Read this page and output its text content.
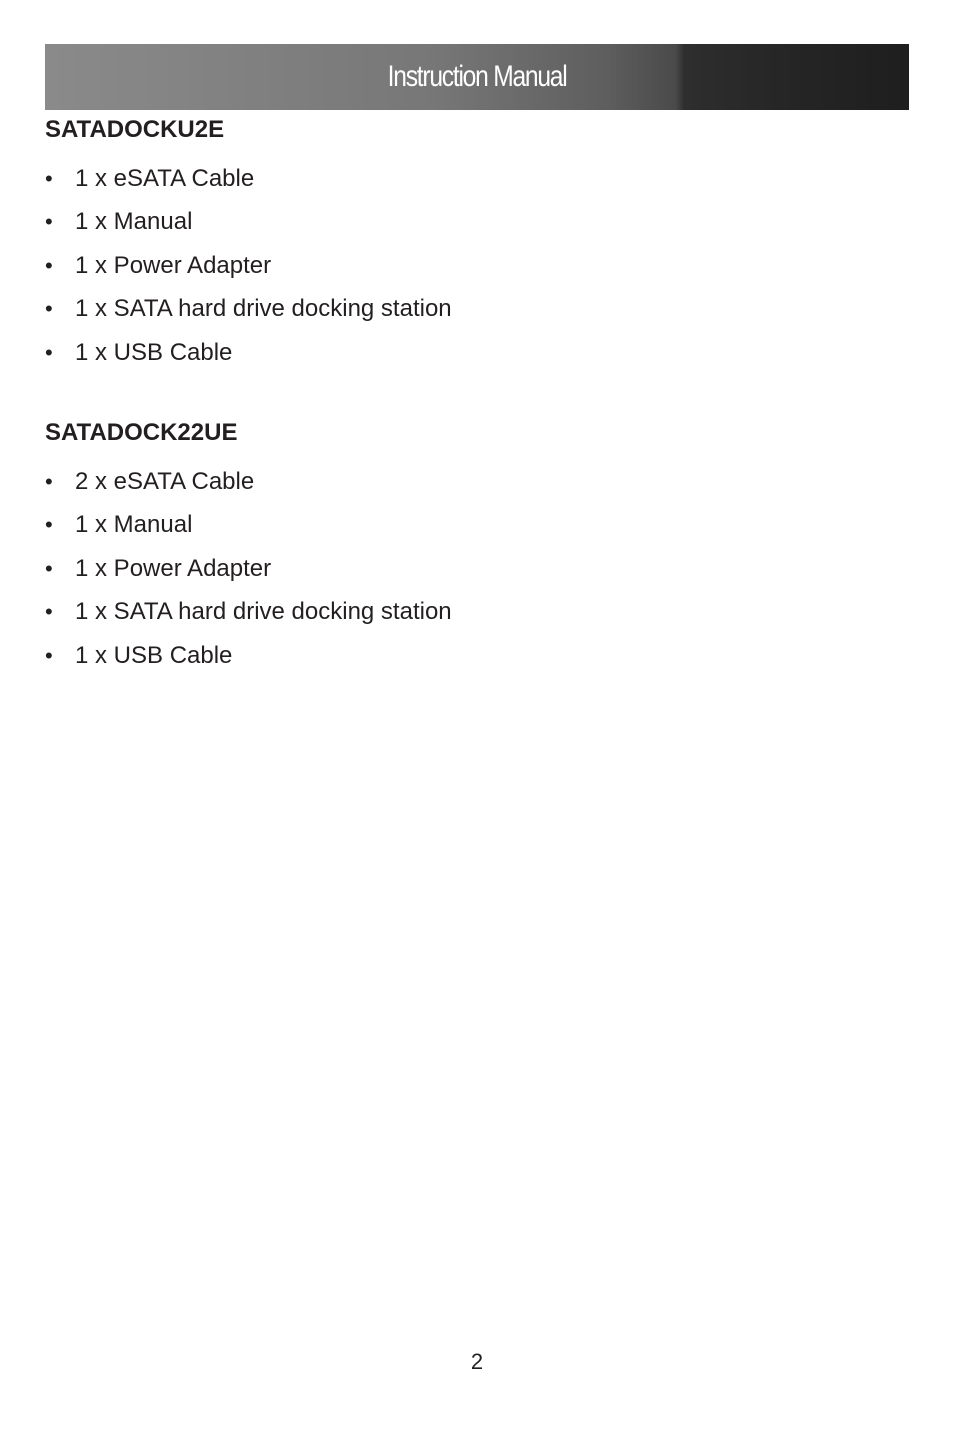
Instruction Manual
SATADOCKU2E
• 1 x eSATA Cable
• 1 x Manual
• 1 x Power Adapter
• 1 x SATA hard drive docking station
• 1 x USB Cable
SATADOCK22UE
• 2 x eSATA Cable
• 1 x Manual
• 1 x Power Adapter
• 1 x SATA hard drive docking station
• 1 x USB Cable
2
